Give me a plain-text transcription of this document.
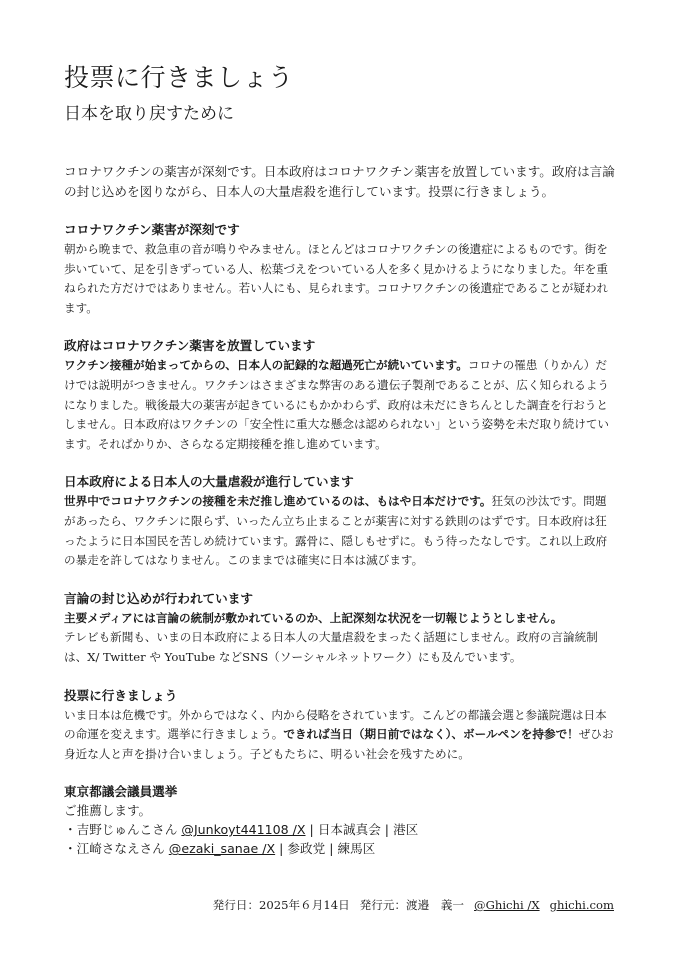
投票に行きましょう
日本を取り戻すために

コロナワクチンの薬害が深刻です。日本政府はコロナワクチン薬害を放置しています。政府は言論の封じ込めを図りながら、日本人の大量虐殺を進行しています。投票に行きましょう。

コロナワクチン薬害が深刻です

朝から晩まで、救急車の音が鳴りやみません。ほとんどはコロナワクチンの後遺症によるものです。街を歩いていて、足を引きずっている人、松葉づえをついている人を多く見かけるようになりました。年を重ねられた方だけではありません。若い人にも、見られます。コロナワクチンの後遺症であることが疑われます。

政府はコロナワクチン薬害を放置しています

ワクチン接種が始まってからの、日本人の記録的な超過死亡が続いています。コロナの罹患（りかん）だけでは説明がつきません。ワクチンはさまざまな弊害のある遺伝子製剤であることが、広く知られるようになりました。戦後最大の薬害が起きているにもかかわらず、政府は未だにきちんとした調査を行おうとしません。日本政府はワクチンの「安全性に重大な懸念は認められない」という姿勢を未だ取り続けています。それぱかりか、さらなる定期接種を推し進めています。

日本政府による日本人の大量虐殺が進行しています

世界中でコロナワクチンの接種を未だ推し進めているのは、もはや日本だけです。狂気の沙汰です。問題があったら、ワクチンに限らず、いったん立ち止まることが薬害に対する鉄則のはずです。日本政府は狂ったように日本国民を苦しめ続けています。露骨に、隠しもせずに。もう待ったなしです。これ以上政府の暴走を許してはなりません。このままでは確実に日本は滅びます。

言論の封じ込めが行われています

主要メディアには言論の統制が敷かれているのか、上記深刻な状況を一切報じようとしません。
テレビも新聞も、いまの日本政府による日本人の大量虐殺をまったく話題にしません。政府の言論統制は、X/ Twitter や YouTube などSNS（ソーシャルネットワーク）にも及んでいます。

投票に行きましょう

いま日本は危機です。外からではなく、内から侵略をされています。こんどの都議会選と参議院選は日本の命運を変えます。選挙に行きましょう。できれば当日（期日前ではなく）、ボールペンを持参で！ぜひお身近な人と声を掛け合いましょう。子どもたちに、明るい社会を残すために。

東京都議会議員選挙
ご推薦します。
・吉野じゅんこさん @Junkoyt441108 /X | 日本誠真会 | 港区
・江崎さなえさん @ezaki_sanae /X | 参政党 | 練馬区
発行日：2025年６月14日 発行元：渡邉　義一 @Ghichi /X ghichi.com
